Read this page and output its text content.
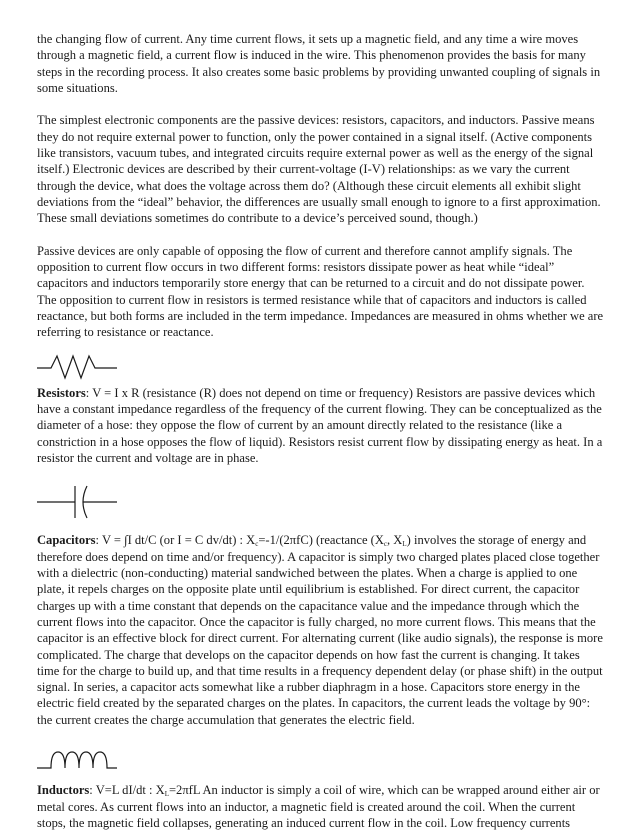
the changing flow of current. Any time current flows, it sets up a magnetic field, and any time a wire moves through a magnetic field, a current flow is induced in the wire. This phenomenon provides the basis for many steps in the recording process. It also creates some basic problems by providing unwanted coupling of signals in some situations.

The simplest electronic components are the passive devices: resistors, capacitors, and inductors. Passive means they do not require external power to function, only the power contained in a signal itself. (Active components like transistors, vacuum tubes, and integrated circuits require external power as well as the energy of the signal itself.) Electronic devices are described by their current-voltage (I-V) relationships: as we vary the current through the device, what does the voltage across them do? (Although these circuit elements all exhibit slight deviations from the “ideal” behavior, the differences are usually small enough to ignore to a first approximation. These small deviations sometimes do contribute to a device’s perceived sound, though.)

Passive devices are only capable of opposing the flow of current and therefore cannot amplify signals. The opposition to current flow occurs in two different forms: resistors dissipate power as heat while “ideal” capacitors and inductors temporarily store energy that can be returned to a circuit and do not dissipate power. The opposition to current flow in resistors is termed resistance while that of capacitors and inductors is called reactance, but both forms are included in the term impedance. Impedances are measured in ohms whether we are referring to resistance or reactance.

Resistors: V = I x R (resistance (R) does not depend on time or frequency) Resistors are passive devices which have a constant impedance regardless of the frequency of the current flowing. They can be conceptualized as the diameter of a hose: they oppose the flow of current by an amount directly related to the resistance (like a constriction in a hose opposes the flow of liquid). Resistors resist current flow by dissipating energy as heat. In a resistor the current and voltage are in phase.

Capacitors: V = ∫I dt/C (or I = C dv/dt) : $X_c=-1/(2\pi fC)$ (reactance ($X_c$, $X_L$) involves the storage of energy and therefore does depend on time and/or frequency). A capacitor is simply two charged plates placed close together with a dielectric (non-conducting) material sandwiched between the plates. When a charge is applied to one plate, it repels charges on the opposite plate until equilibrium is established. For direct current, the capacitor charges up with a time constant that depends on the capacitance value and the impedance through which the current flows into the capacitor. Once the capacitor is fully charged, no more current flows. This means that the capacitor is an effective block for direct current. For alternating current (like audio signals), the response is more complicated. The charge that develops on the capacitor depends on how fast the current is changing. It takes time for the charge to build up, and that time results in a frequency dependent delay (or phase shift) in the output signal. In series, a capacitor acts somewhat like a rubber diaphragm in a hose. Capacitors store energy in the electric field created by the separated charges on the plates. In capacitors, the current leads the voltage by 90°: the current creates the charge accumulation that generates the electric field.

Inductors: V=L dI/dt : $X_L=2\pi fL$ An inductor is simply a coil of wire, which can be wrapped around either air or metal cores. As current flows into an inductor, a magnetic field is created around the coil. When the current stops, the magnetic field collapses, generating an induced current flow in the coil. Low frequency currents
